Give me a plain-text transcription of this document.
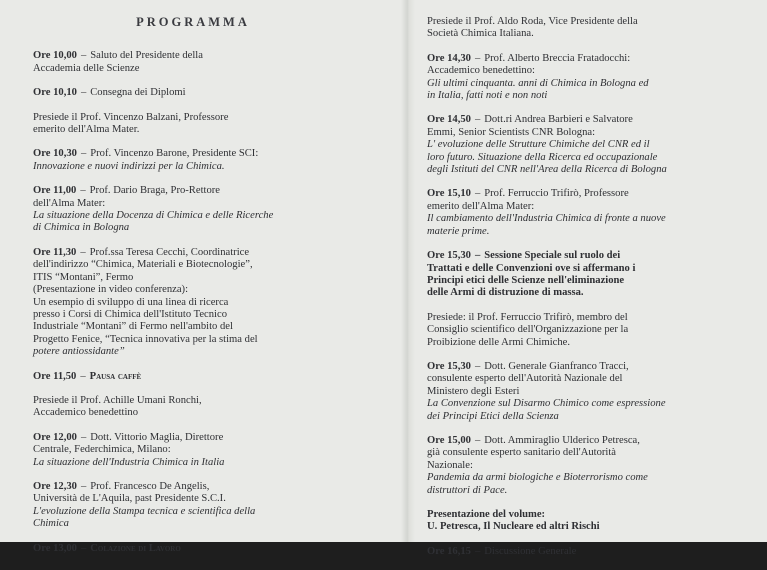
PROGRAMMA

Ore 10,00 – Saluto del Presidente della

Accademia delle Scienze

Ore 10,10 – Consegna dei Diplomi

Presiede il Prof. Vincenzo Balzani, Professore

emerito dell'Alma Mater.

Ore 10,30 – Prof. Vincenzo Barone, Presidente SCI:

Innovazione e nuovi indirizzi per la Chimica.

Ore 11,00 – Prof. Dario Braga, Pro-Rettore

dell'Alma Mater:

La situazione della Docenza di Chimica e delle Ricerche

di Chimica in Bologna

Ore 11,30 – Prof.ssa Teresa Cecchi, Coordinatrice

dell'indirizzo “Chimica, Materiali e Biotecnologie”,

ITIS “Montani”, Fermo

(Presentazione in video conferenza):

Un esempio di sviluppo di una linea di ricerca

presso i Corsi di Chimica dell'Istituto Tecnico

Industriale “Montani” di Fermo nell'ambito del

Progetto Fenice, “Tecnica innovativa per la stima del

potere antiossidante”

Ore 11,50 – Pausa caffè

Presiede il Prof. Achille Umani Ronchi,

Accademico benedettino

Ore 12,00 – Dott. Vittorio Maglia, Direttore

Centrale, Federchimica, Milano:

La situazione dell'Industria Chimica in Italia

Ore 12,30 – Prof. Francesco De Angelis,

Università de L'Aquila, past Presidente S.C.I.

L'evoluzione della Stampa tecnica e scientifica della

Chimica

Ore 13,00 – Colazione di Lavoro

Presiede il Prof. Aldo Roda, Vice Presidente della

Società Chimica Italiana.

Ore 14,30 – Prof. Alberto Breccia Fratadocchi:

Accademico benedettino:

Gli ultimi cinquanta. anni di Chimica in Bologna ed

in Italia, fatti noti e non noti

Ore 14,50 – Dott.ri Andrea Barbieri e Salvatore

Emmi, Senior Scientists CNR Bologna:

L' evoluzione delle Strutture Chimiche del CNR ed il

loro futuro. Situazione della Ricerca ed occupazionale

degli Istituti del CNR nell'Area della Ricerca di Bologna

Ore 15,10 – Prof. Ferruccio Trifirò, Professore

emerito dell'Alma Mater:

Il cambiamento dell'Industria Chimica di fronte a nuove

materie prime.

Ore 15,30 – Sessione Speciale sul ruolo dei

Trattati e delle Convenzioni ove si affermano i

Principi etici delle Scienze nell'eliminazione

delle Armi di distruzione di massa.

Presiede: il Prof. Ferruccio Trifirò, membro del

Consiglio scientifico dell'Organizzazione per la

Proibizione delle Armi Chimiche.

Ore 15,30 – Dott. Generale Gianfranco Tracci,

consulente esperto dell'Autorità Nazionale del

Ministero degli Esteri

La Convenzione sul Disarmo Chimico come espressione

dei Principi Etici della Scienza

Ore 15,00 – Dott. Ammiraglio Ulderico Petresca,

già consulente esperto sanitario dell'Autorità

Nazionale:

Pandemia da armi biologiche e Bioterrorismo come

distruttori di Pace.

Presentazione del volume:

U. Petresca, Il Nucleare ed altri Rischi

Ore 16,15 – Discussione Generale
